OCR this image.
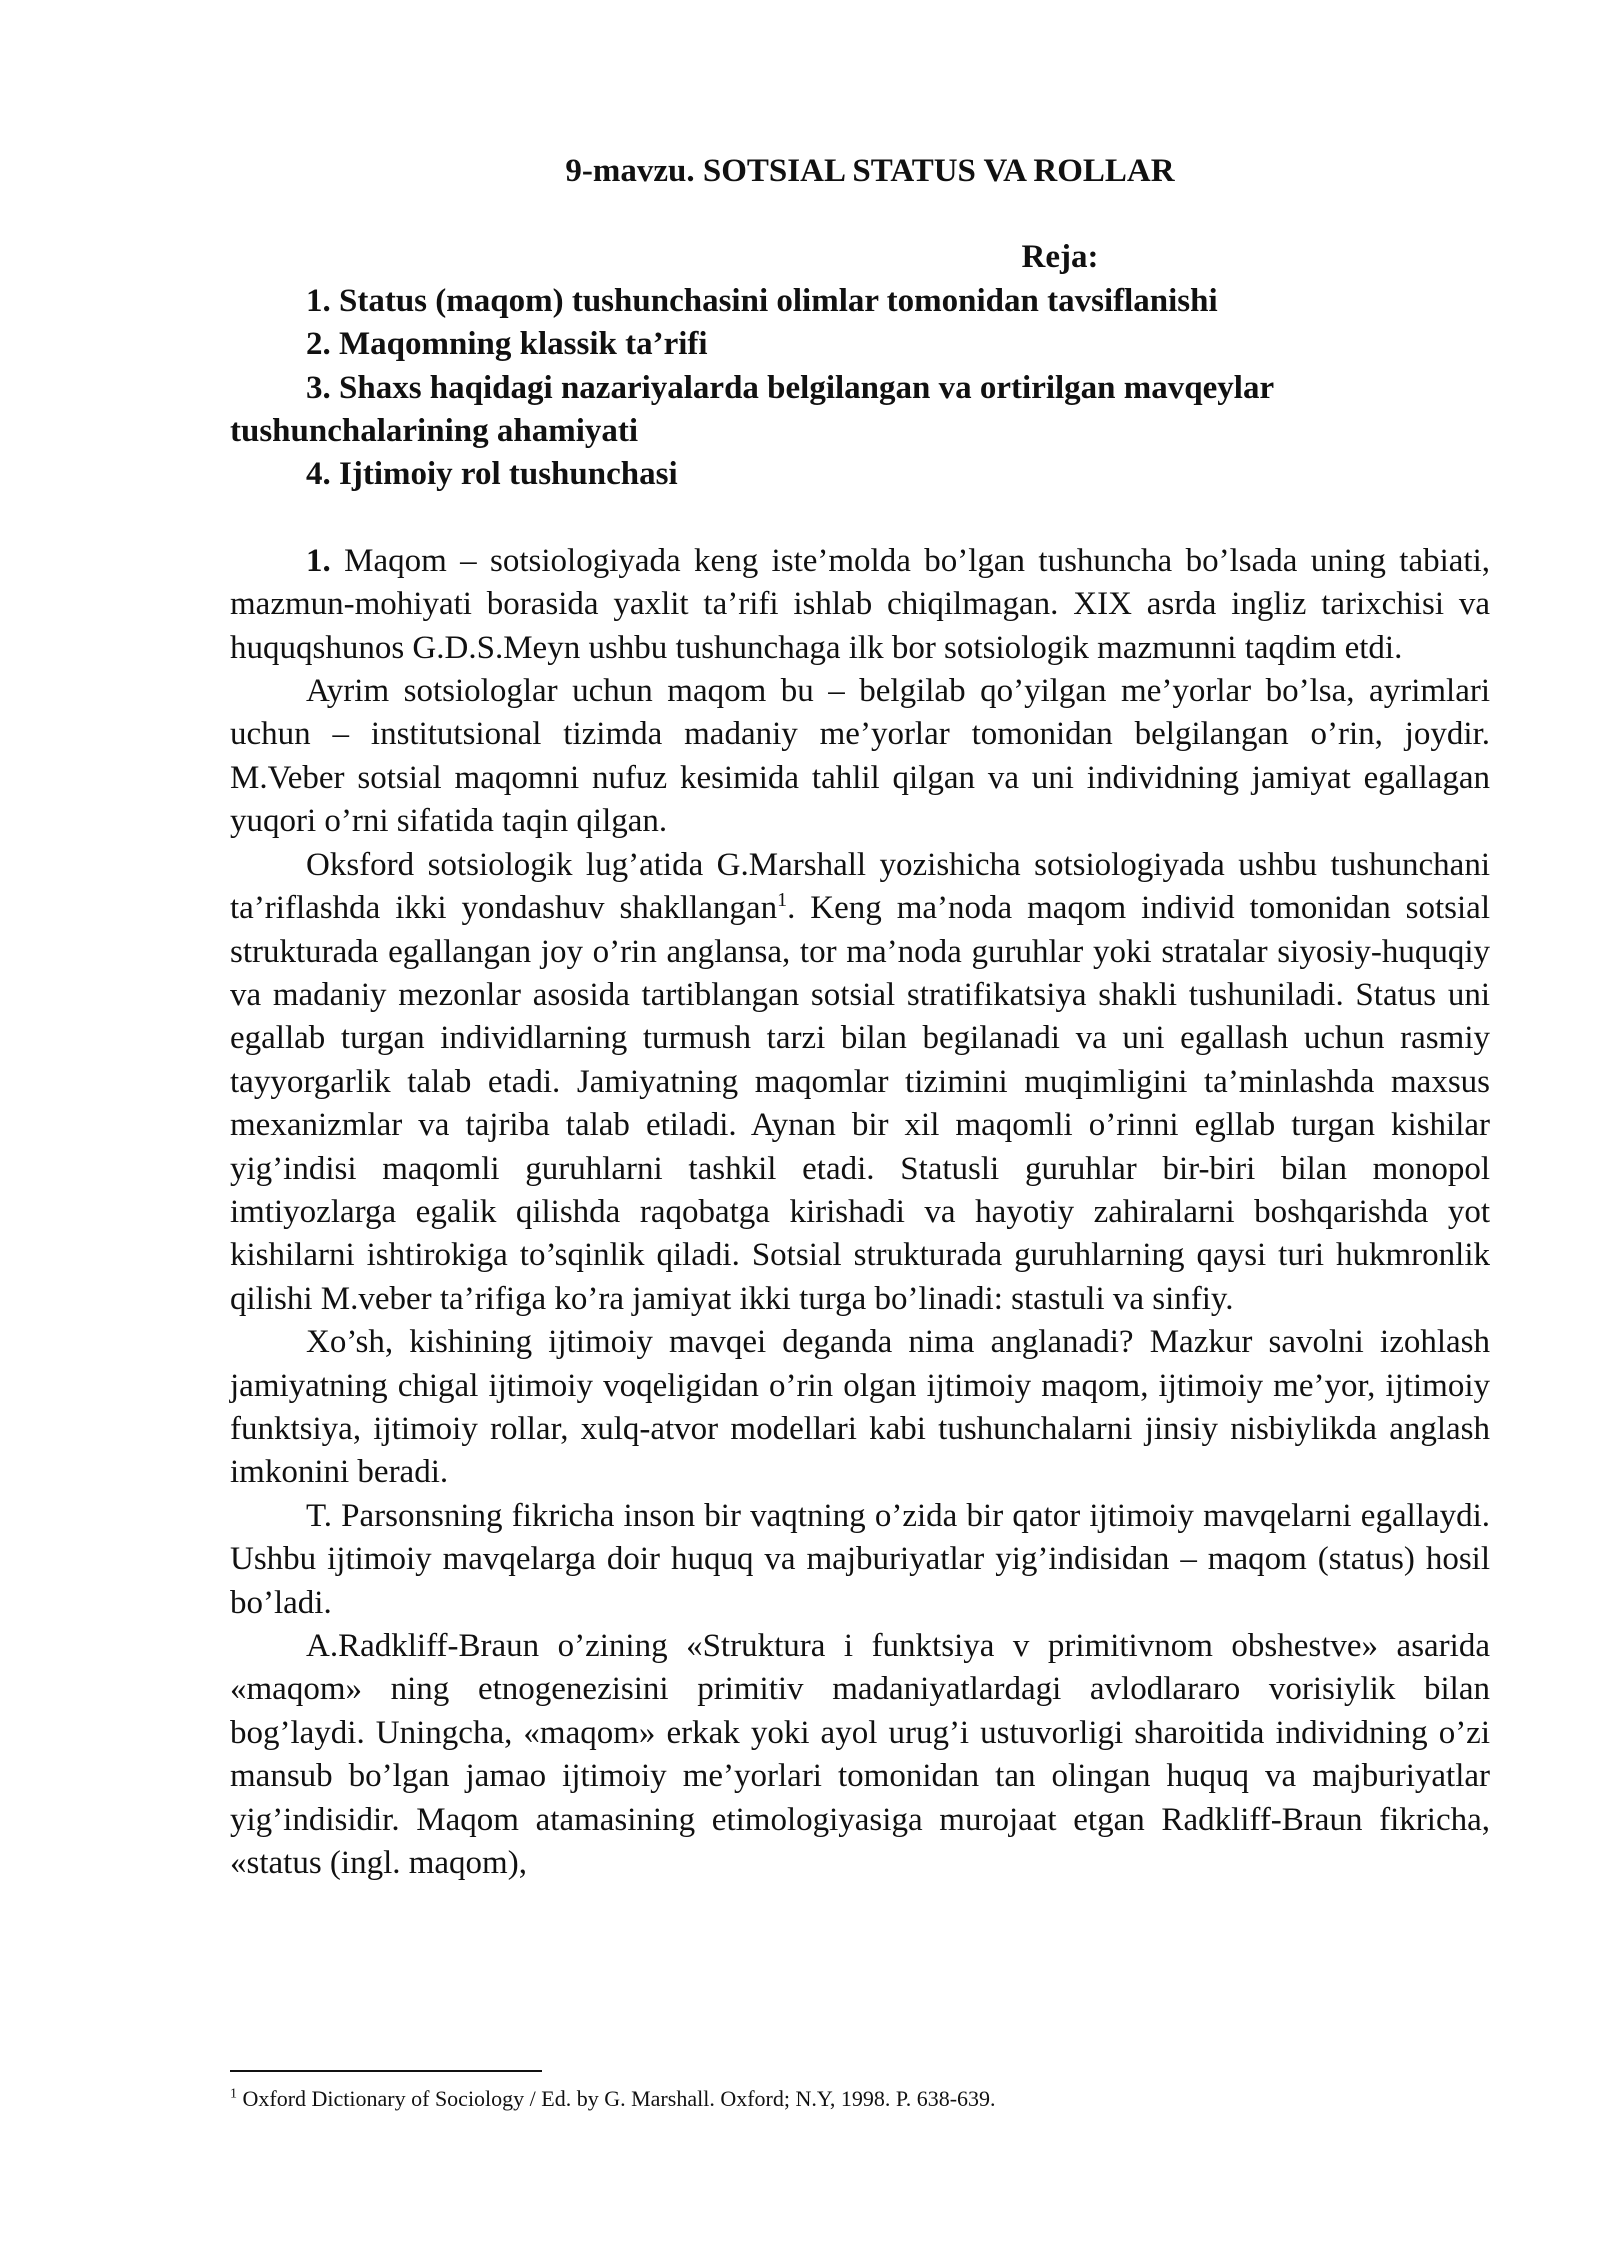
9-mavzu. SOTSIAL STATUS VA ROLLAR
Reja:
1. Status (maqom) tushunchasini olimlar tomonidan tavsiflanishi
2. Maqomning klassik ta’rifi
3. Shaxs haqidagi nazariyalarda belgilangan va ortirilgan mavqeylar tushunchalarining ahamiyati
4. Ijtimoiy rol tushunchasi

1. Maqom – sotsiologiyada keng iste’molda bo’lgan tushuncha bo’lsada uning tabiati, mazmun-mohiyati borasida yaxlit ta’rifi ishlab chiqilmagan. XIX asrda ingliz tarixchisi va huquqshunos G.D.S.Meyn ushbu tushunchaga ilk bor sotsiologik mazmunni taqdim etdi.

Ayrim sotsiologlar uchun maqom bu – belgilab qo’yilgan me’yorlar bo’lsa, ayrimlari uchun – institutsional tizimda madaniy me’yorlar tomonidan belgilangan o’rin, joydir. M.Veber sotsial maqomni nufuz kesimida tahlil qilgan va uni individning jamiyat egallagan yuqori o’rni sifatida taqin qilgan.

Oksford sotsiologik lug’atida G.Marshall yozishicha sotsiologiyada ushbu tushunchani ta’riflashda ikki yondashuv shakllangan$^1$. Keng ma’noda maqom individ tomonidan sotsial strukturada egallangan joy o’rin anglansa, tor ma’noda guruhlar yoki stratalar siyosiy-huquqiy va madaniy mezonlar asosida tartiblangan sotsial stratifikatsiya shakli tushuniladi. Status uni egallab turgan individlarning turmush tarzi bilan begilanadi va uni egallash uchun rasmiy tayyorgarlik talab etadi. Jamiyatning maqomlar tizimini muqimligini ta’minlashda maxsus mexanizmlar va tajriba talab etiladi. Aynan bir xil maqomli o’rinni egllab turgan kishilar yig’indisi maqomli guruhlarni tashkil etadi. Statusli guruhlar bir-biri bilan monopol imtiyozlarga egalik qilishda raqobatga kirishadi va hayotiy zahiralarni boshqarishda yot kishilarni ishtirokiga to’sqinlik qiladi. Sotsial strukturada guruhlarning qaysi turi hukmronlik qilishi M.veber ta’rifiga ko’ra jamiyat ikki turga bo’linadi: stastuli va sinfiy.

Xo’sh, kishining ijtimoiy mavqei deganda nima anglanadi? Mazkur savolni izohlash jamiyatning chigal ijtimoiy voqeligidan o’rin olgan ijtimoiy maqom, ijtimoiy me’yor, ijtimoiy funktsiya, ijtimoiy rollar, xulq-atvor modellari kabi tushunchalarni jinsiy nisbiylikda anglash imkonini beradi.

T. Parsonsning fikricha inson bir vaqtning o’zida bir qator ijtimoiy mavqelarni egallaydi. Ushbu ijtimoiy mavqelarga doir huquq va majburiyatlar yig’indisidan – maqom (status) hosil bo’ladi.

A.Radkliff-Braun o’zining «Struktura i funktsiya v primitivnom obshestve» asarida «maqom» ning etnogenezisini primitiv madaniyatlardagi avlodlararo vorisiylik bilan bog’laydi. Uningcha, «maqom» erkak yoki ayol urug’i ustuvorligi sharoitida individning o’zi mansub bo’lgan jamao ijtimoiy me’yorlari tomonidan tan olingan huquq va majburiyatlar yig’indisidir. Maqom atamasining etimologiyasiga murojaat etgan Radkliff-Braun fikricha, «status (ingl. maqom),

$^1$ Oxford Dictionary of Sociology / Ed. by G. Marshall. Oxford; N.Y, 1998. P. 638-639.
